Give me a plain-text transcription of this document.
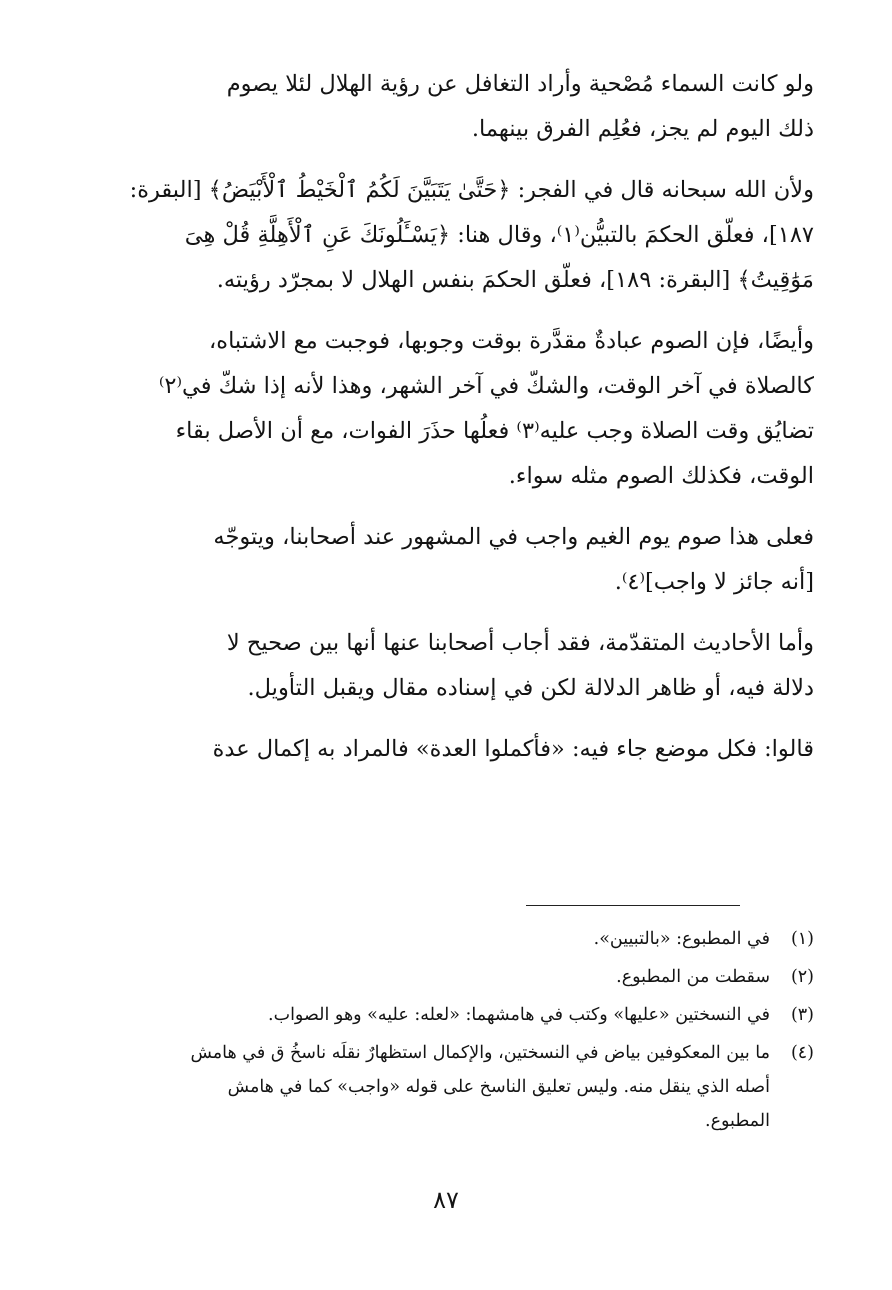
ولو كانت السماء مُصْحية وأراد التغافل عن رؤية الهلال لئلا يصوم
ذلك اليوم لم يجز، فعُلِم الفرق بينهما.

ولأن الله سبحانه قال في الفجر: ﴿حَتَّىٰ يَتَبَيَّنَ لَكُمُ ٱلْخَيْطُ ٱلْأَبْيَضُ﴾ [البقرة:
١٨٧]، فعلّق الحكمَ بالتبيُّن⁽١⁾، وقال هنا: ﴿يَسْـَٔلُونَكَ عَنِ ٱلْأَهِلَّةِ قُلْ هِىَ
مَوَٰقِيتُ﴾ [البقرة: ١٨٩]، فعلّق الحكمَ بنفس الهلال لا بمجرّد رؤيته.

وأيضًا، فإن الصوم عبادةٌ مقدَّرة بوقت وجوبها، فوجبت مع الاشتباه،
كالصلاة في آخر الوقت، والشكّ في آخر الشهر، وهذا لأنه إذا شكّ في⁽٢⁾
تضايُق وقت الصلاة وجب عليه⁽٣⁾ فعلُها حذَرَ الفوات، مع أن الأصل بقاء
الوقت، فكذلك الصوم مثله سواء.

فعلى هذا صوم يوم الغيم واجب في المشهور عند أصحابنا، ويتوجّه
[أنه جائز لا واجب]⁽٤⁾.

وأما الأحاديث المتقدّمة، فقد أجاب أصحابنا عنها أنها بين صحيح لا
دلالة فيه، أو ظاهر الدلالة لكن في إسناده مقال ويقبل التأويل.

قالوا: فكل موضع جاء فيه: «فأكملوا العدة» فالمراد به إكمال عدة

(١)
في المطبوع: «بالتبيين».
(٢)
سقطت من المطبوع.
(٣)
في النسختين «عليها» وكتب في هامشهما: «لعله: عليه» وهو الصواب.
(٤)
ما بين المعكوفين بياض في النسختين، والإكمال استظهارٌ نقلَه ناسخُ ق في هامش
أصله الذي ينقل منه. وليس تعليق الناسخ على قوله «واجب» كما في هامش
المطبوع.
٨٧
